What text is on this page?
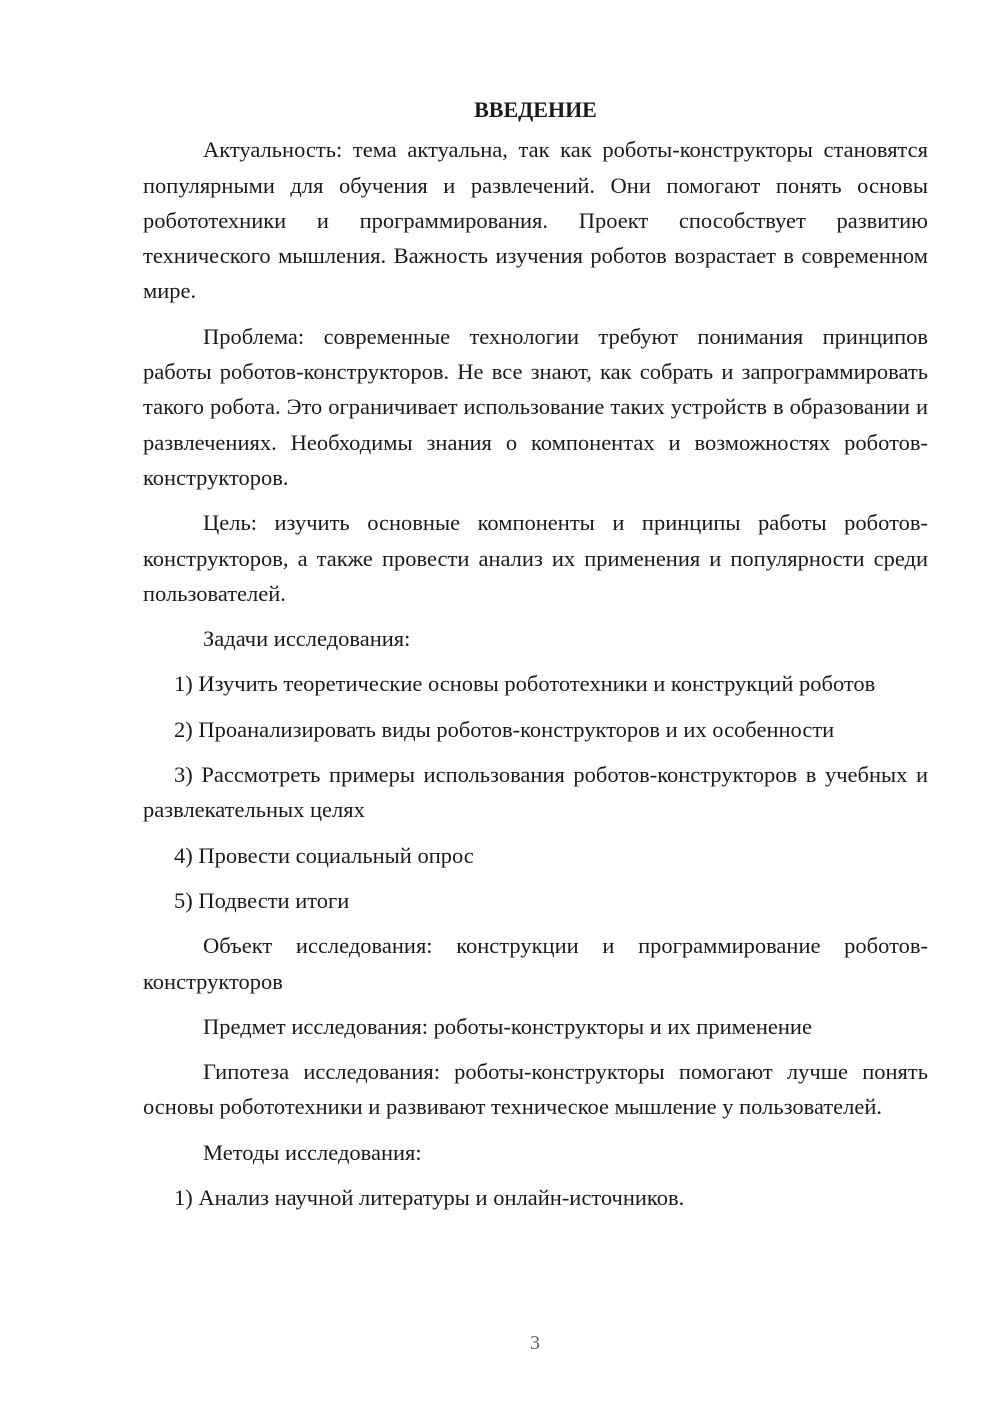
ВВЕДЕНИЕ

Актуальность: тема актуальна, так как роботы-конструкторы становятся популярными для обучения и развлечений. Они помогают понять основы робототехники и программирования. Проект способствует развитию технического мышления. Важность изучения роботов возрастает в современном мире.

Проблема: современные технологии требуют понимания принципов работы роботов-конструкторов. Не все знают, как собрать и запрограммировать такого робота. Это ограничивает использование таких устройств в образовании и развлечениях. Необходимы знания о компонентах и возможностях роботов-конструкторов.

Цель: изучить основные компоненты и принципы работы роботов-конструкторов, а также провести анализ их применения и популярности среди пользователей.

Задачи исследования:

1) Изучить теоретические основы робототехники и конструкций роботов

2) Проанализировать виды роботов-конструкторов и их особенности

3) Рассмотреть примеры использования роботов-конструкторов в учебных и развлекательных целях

4) Провести социальный опрос

5) Подвести итоги

Объект исследования: конструкции и программирование роботов-конструкторов

Предмет исследования: роботы-конструкторы и их применение

Гипотеза исследования: роботы-конструкторы помогают лучше понять основы робототехники и развивают техническое мышление у пользователей.

Методы исследования:

1) Анализ научной литературы и онлайн-источников.

3
